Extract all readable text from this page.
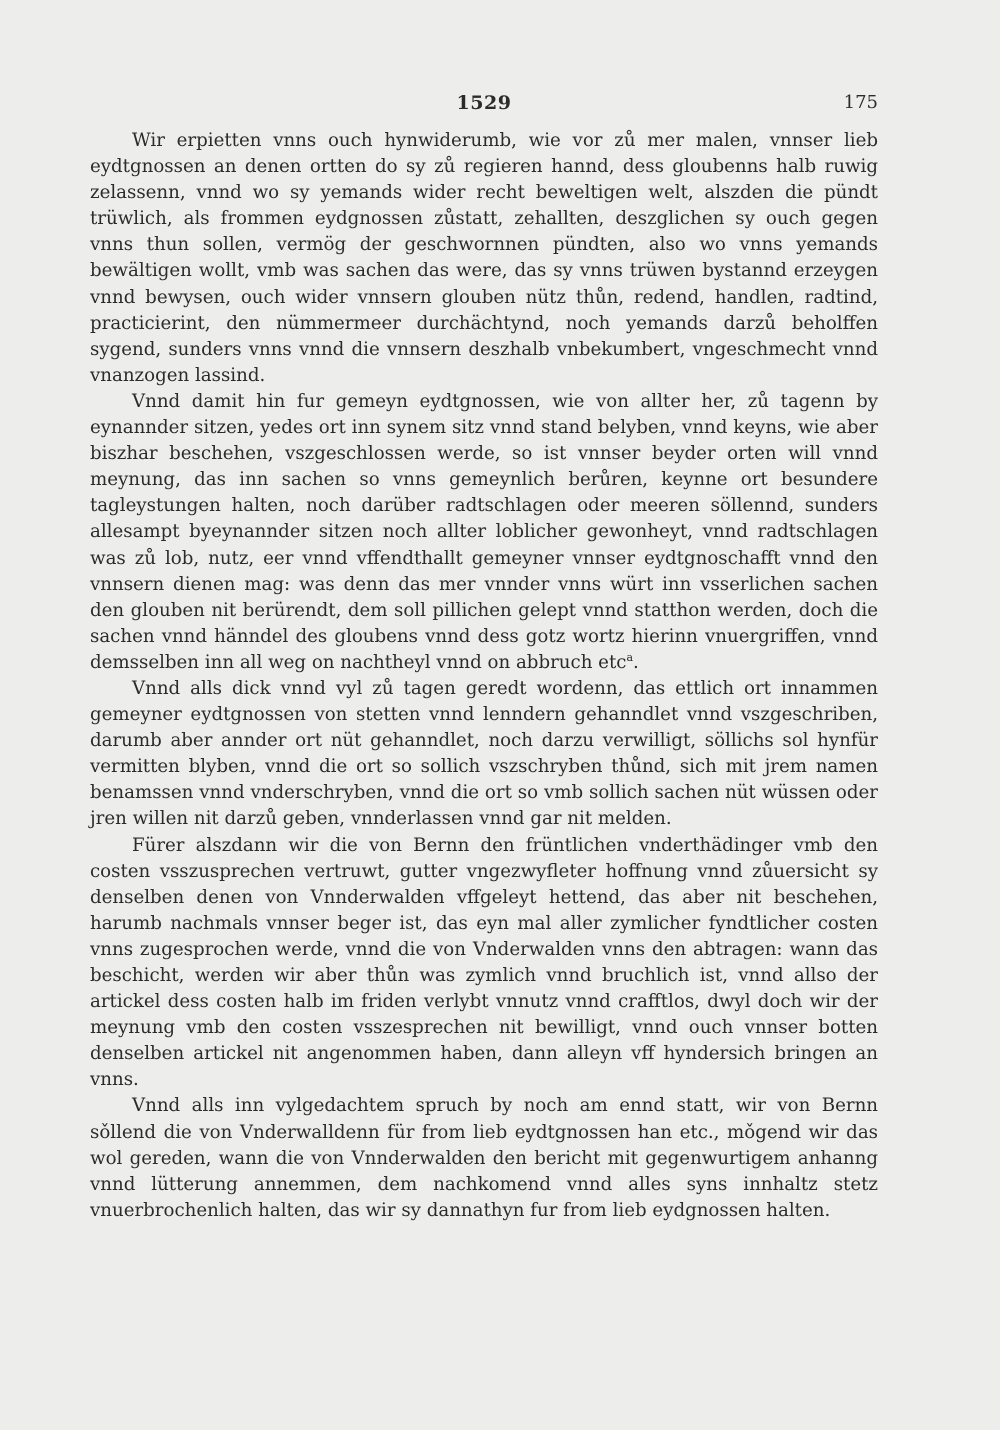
1529	175

Wir erpietten vnns ouch hynwiderumb, wie vor zů mer malen, vnnser lieb eydtgnossen an denen ortten do sy zů regieren hannd, dess gloubenns halb ruwig zelassenn, vnnd wo sy yemands wider recht beweltigen welt, alszden die pündt trüwlich, als frommen eydgnossen zůstatt, zehallten, deszglichen sy ouch gegen vnns thun sollen, vermög der geschwornnen pündten, also wo vnns yemands bewältigen wollt, vmb was sachen das were, das sy vnns trüwen bystannd erzeygen vnnd bewysen, ouch wider vnnsern glouben nütz thůn, redend, handlen, radtind, practicierint, den nümmermeer durchächtynd, noch yemands darzů beholffen sygend, sunders vnns vnnd die vnnsern deszhalb vnbekumbert, vngeschmecht vnnd vnanzogen lassind.

Vnnd damit hin fur gemeyn eydtgnossen, wie von allter her, zů tagenn by eynannder sitzen, yedes ort inn synem sitz vnnd stand belyben, vnnd keyns, wie aber biszhar beschehen, vszgeschlossen werde, so ist vnnser beyder orten will vnnd meynung, das inn sachen so vnns gemeynlich berůren, keynne ort besundere tagleystungen halten, noch darüber radtschlagen oder meeren söllennd, sunders allesampt byeynannder sitzen noch allter loblicher gewonheyt, vnnd radtschlagen was zů lob, nutz, eer vnnd vffendthallt gemeyner vnnser eydtgnoschafft vnnd den vnnsern dienen mag: was denn das mer vnnder vnns würt inn vsserlichen sachen den glouben nit berürendt, dem soll pillichen gelept vnnd statthon werden, doch die sachen vnnd hänndel des gloubens vnnd dess gotz wortz hierinn vnuergriffen, vnnd demsselben inn all weg on nachtheyl vnnd on abbruch etc$^a$.

Vnnd alls dick vnnd vyl zů tagen geredt wordenn, das ettlich ort innammen gemeyner eydtgnossen von stetten vnnd lenndern gehanndlet vnnd vszgeschriben, darumb aber annder ort nüt gehanndlet, noch darzu verwilligt, söllichs sol hynfür vermitten blyben, vnnd die ort so sollich vszschryben thůnd, sich mit jrem namen benamssen vnnd vnderschryben, vnnd die ort so vmb sollich sachen nüt wüssen oder jren willen nit darzů geben, vnnderlassen vnnd gar nit melden.

Fürer alszdann wir die von Bernn den früntlichen vnderthädinger vmb den costen vsszusprechen vertruwt, gutter vngezwyfleter hoffnung vnnd zůuersicht sy denselben denen von Vnnderwalden vffgeleyt hettend, das aber nit beschehen, harumb nachmals vnnser beger ist, das eyn mal aller zymlicher fyndtlicher costen vnns zugesprochen werde, vnnd die von Vnderwalden vnns den abtragen: wann das beschicht, werden wir aber thůn was zymlich vnnd bruchlich ist, vnnd allso der artickel dess costen halb im friden verlybt vnnutz vnnd crafftlos, dwyl doch wir der meynung vmb den costen vsszesprechen nit bewilligt, vnnd ouch vnnser botten denselben artickel nit angenommen haben, dann alleyn vff hyndersich bringen an vnns.

Vnnd alls inn vylgedachtem spruch by noch am ennd statt, wir von Bernn sǒllend die von Vnderwalldenn für from lieb eydtgnossen han etc., mǒgend wir das wol gereden, wann die von Vnnderwalden den bericht mit gegenwurtigem anhanng vnnd lütterung annemmen, dem nachkomend vnnd alles syns innhaltz stetz vnuerbrochenlich halten, das wir sy dannathyn fur from lieb eydgnossen halten.
